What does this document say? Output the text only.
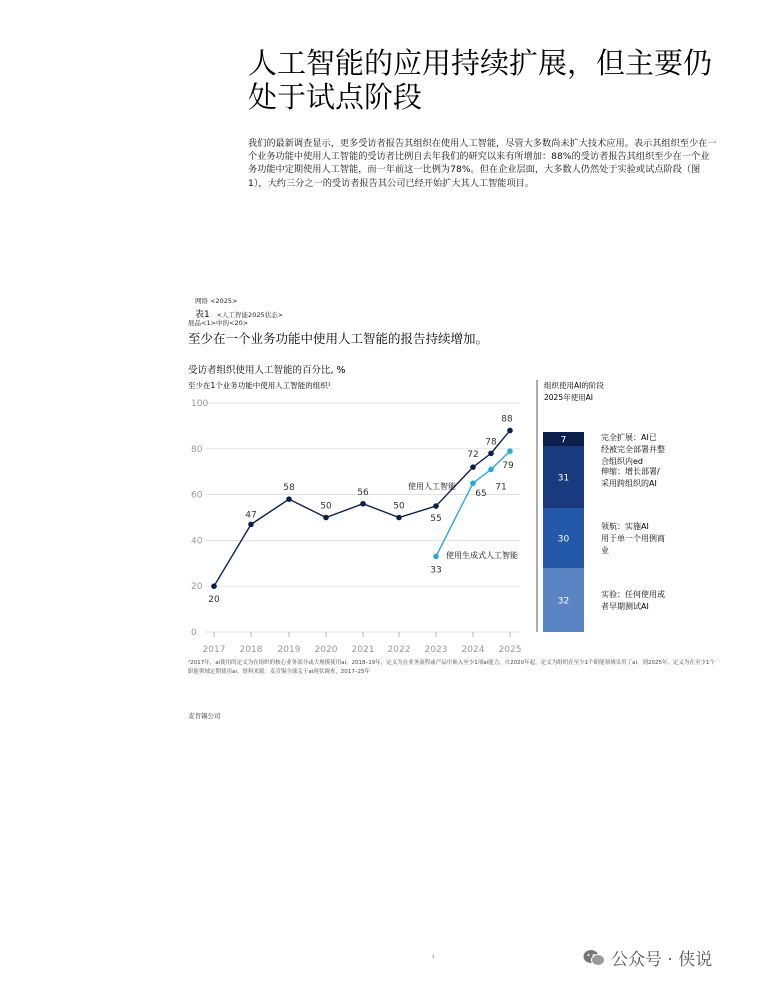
人工智能的应用持续扩展，但主要仍处于试点阶段

我们的最新调查显示，更多受访者报告其组织在使用人工智能，尽管大多数尚未扩大技术应用。表示其组织至少在一个业务功能中使用人工智能的受访者比例自去年我们的研究以来有所增加：88%的受访者报告其组织至少在一个业务功能中定期使用人工智能，而一年前这一比例为78%。但在企业层面，大多数人仍然处于实验或试点阶段（图1），大约三分之一的受访者报告其公司已经开始扩大其人工智能项目。

网络 <2025>
表1 <人工智能2025状态>
展品<1>中的<20>
至少在一个业务功能中使用人工智能的报告持续增加。
受访者组织使用人工智能的百分比, %
至少在1个业务功能中使用人工智能的组织¹	组织使用AI的阶段
2025年使用AI
0
20
40
60
80
100
2017 2018 2019 2020 2021 2022 2023 2024 2025
20
47
58
50
56
50
55
72
78
88
33
65
71
79
使用人工智能
使用生成式人工智能
7	完全扩展：AI已
经被完全部署并整
合组织内ed
31
伸缩：增长部署/
采用跨组织的AI
30
领航：实施AI
用于单一个用例商
业
32
实验：任何使用或
者早期测试AI
¹2017年，ai使用的定义为在组织的核心业务部分或大规模使用ai。2018–19年，定义为在业务流程或产品中嵌入至少1项ai能力。自2020年起，定义为组织在至少1个职能领域采用了ai。到2025年，定义为在至少1个职能领域定期使用ai。资料来源：麦肯锡全球关于ai现状调查，2017–25年
麦肯锡公司
4	公众号 · 侠说
